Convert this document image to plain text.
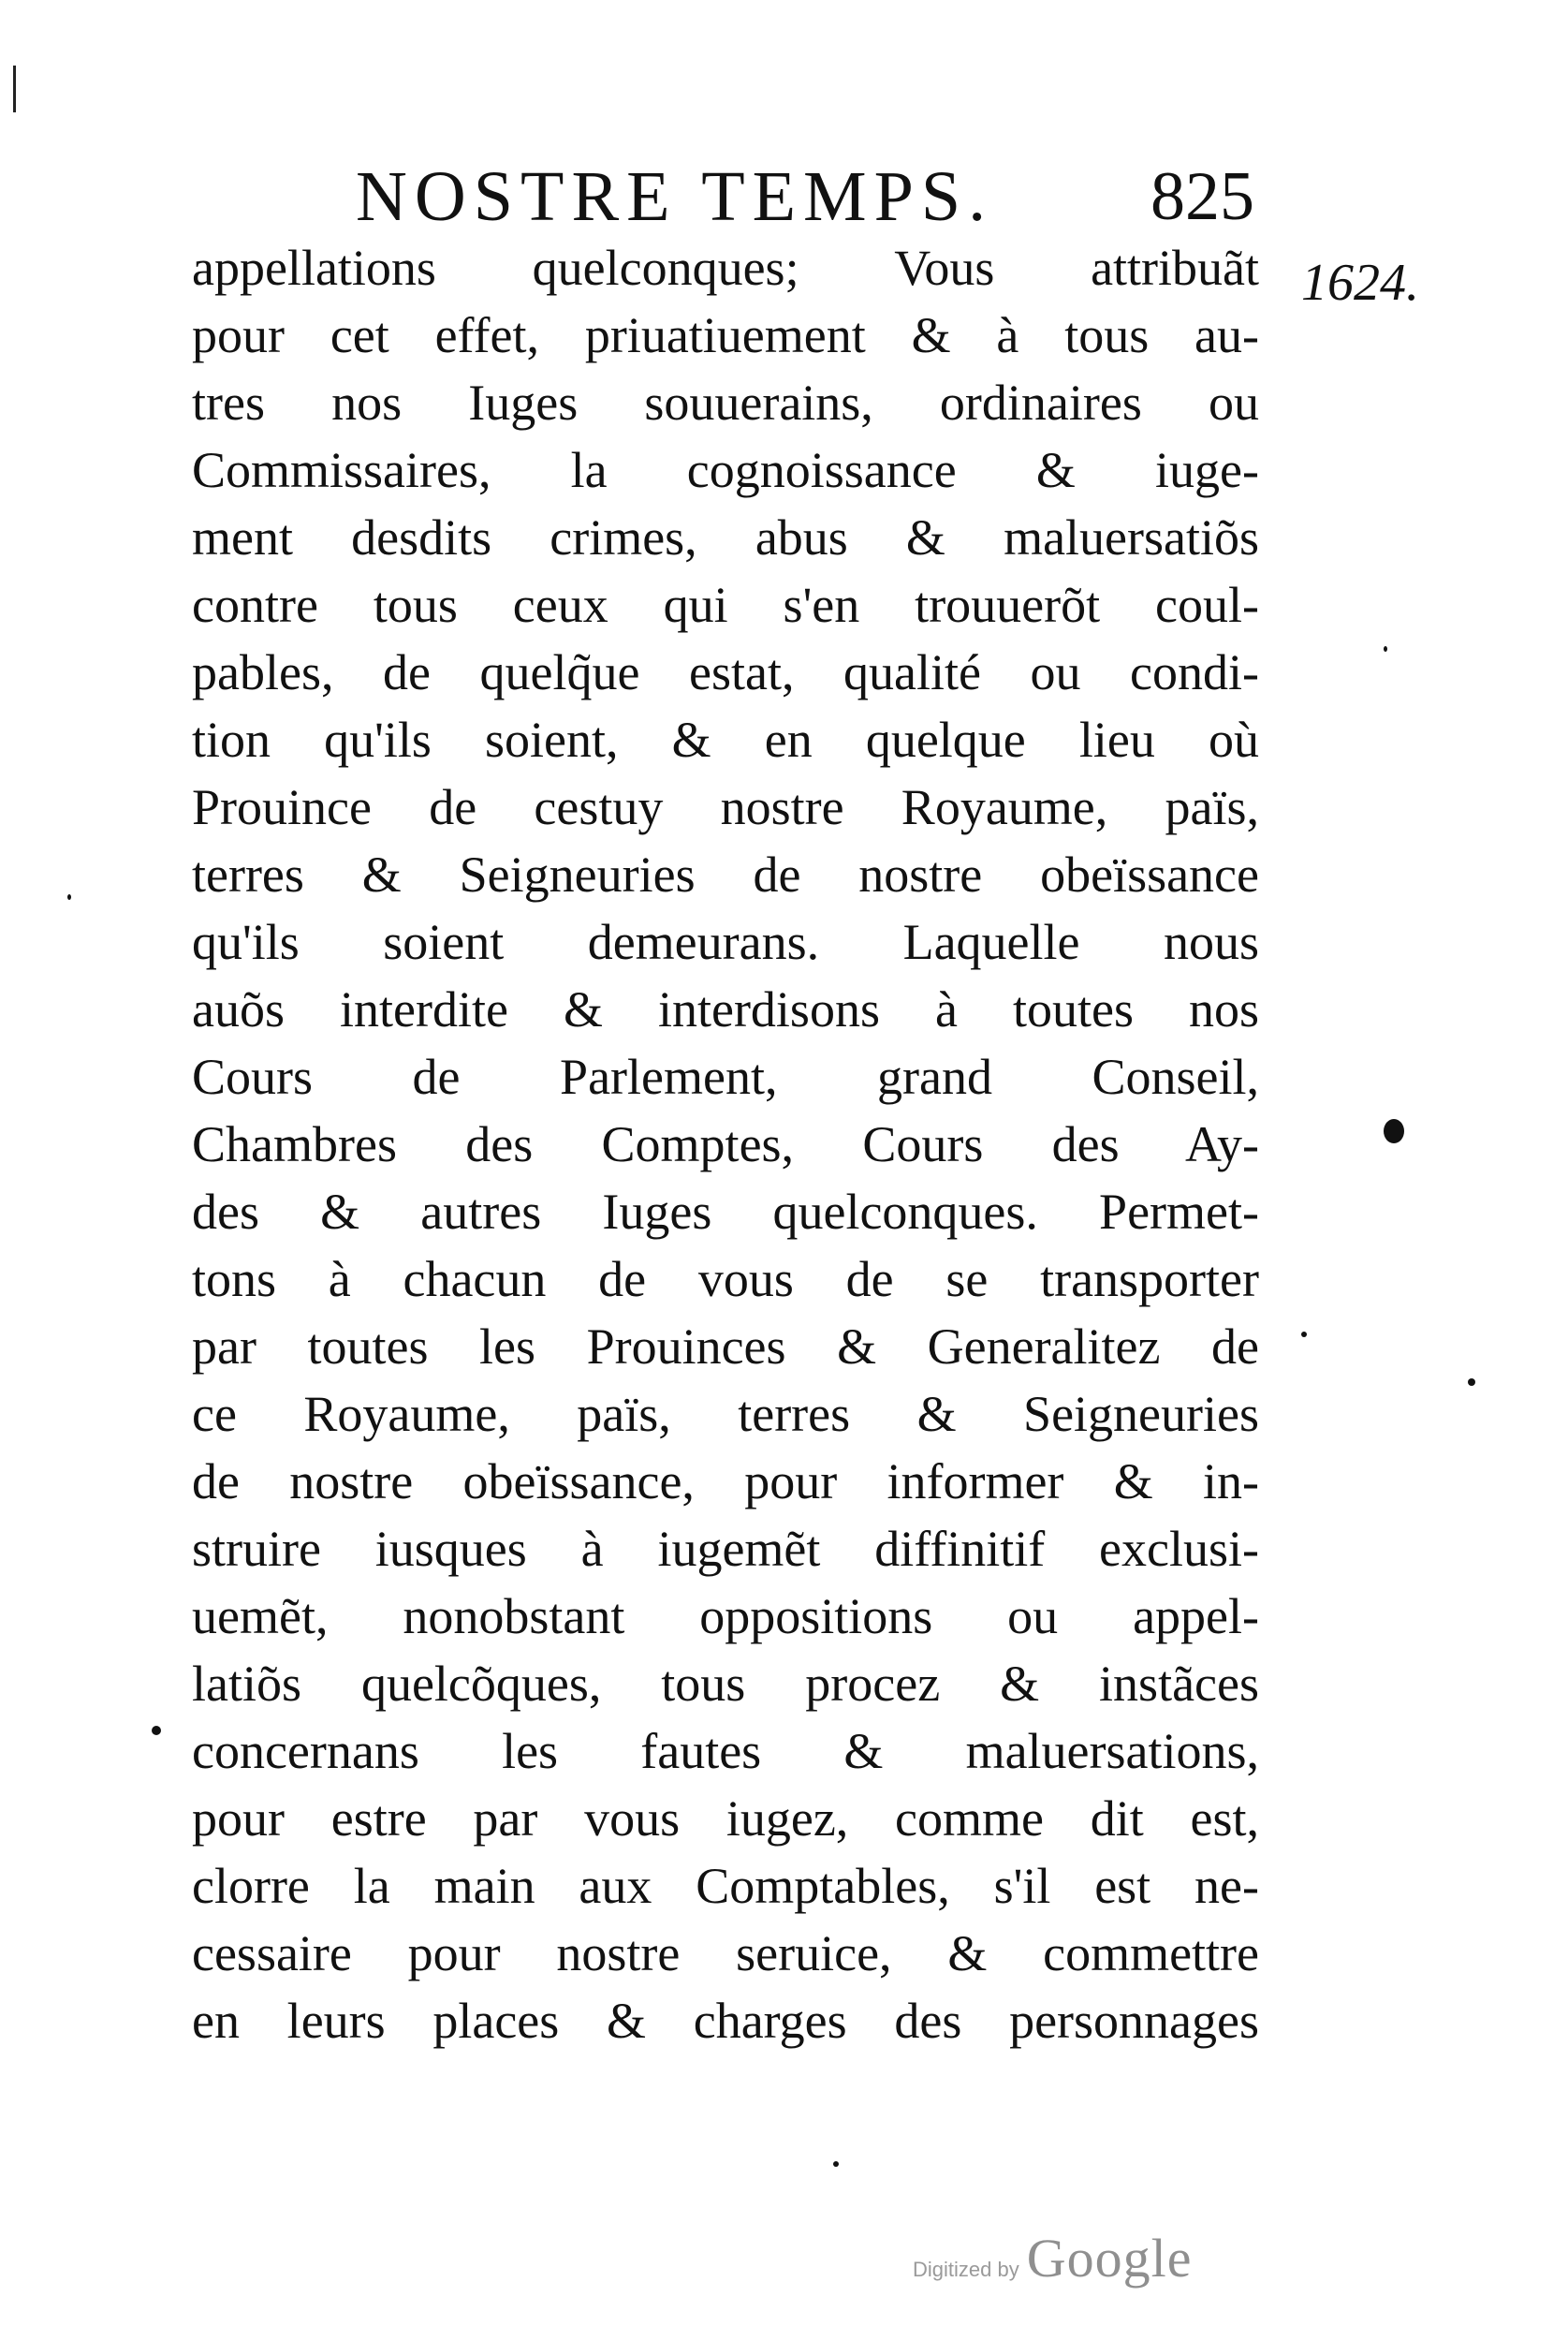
NOSTRE TEMPS. 825
1624.
appellations quelconques; Vous attribuãt
pour cet effet, priuatiuement & à tous au-
tres nos Iuges souuerains, ordinaires ou
Commissaires, la cognoissance & iuge-
ment desdits crimes, abus & maluersatiõs
contre tous ceux qui s'en trouuerõt coul-
pables, de quelq̃ue estat, qualité ou condi-
tion qu'ils soient, & en quelque lieu où
Prouince de cestuy nostre Royaume, païs,
terres & Seigneuries de nostre obeïssance
qu'ils soient demeurans. Laquelle nous
auõs interdite & interdisons à toutes nos
Cours de Parlement, grand Conseil,
Chambres des Comptes, Cours des Ay-
des & autres Iuges quelconques. Permet-
tons à chacun de vous de se transporter
par toutes les Prouinces & Generalitez de
ce Royaume, païs, terres & Seigneuries
de nostre obeïssance, pour informer & in-
struire iusques à iugemẽt diffinitif exclusi-
uemẽt, nonobstant oppositions ou appel-
latiõs quelcõques, tous procez & instãces
concernans les fautes & maluersations,
pour estre par vous iugez, comme dit est,
clorre la main aux Comptables, s'il est ne-
cessaire pour nostre seruice, & commettre
en leurs places & charges des personnages
Digitized by Google
